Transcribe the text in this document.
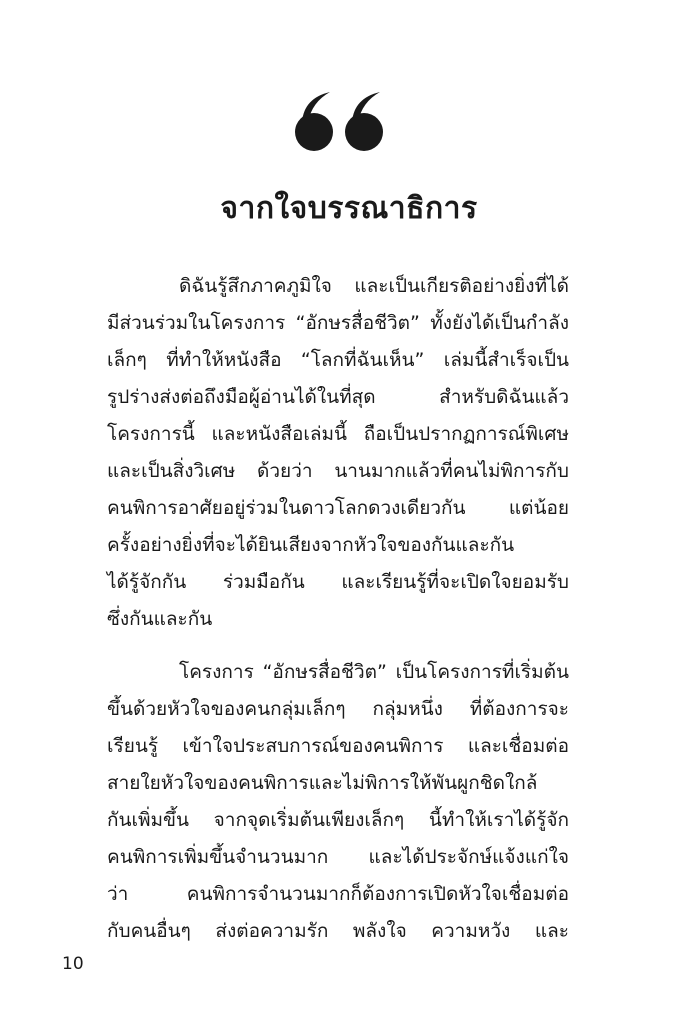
จากใจบรรณาธิการ

ดิฉันรู้สึกภาคภูมิใจ และเป็นเกียรติอย่างยิ่งที่ได้
มีส่วนร่วมในโครงการ “อักษรสื่อชีวิต” ทั้งยังได้เป็นกำลัง
เล็กๆ ที่ทำให้หนังสือ “โลกที่ฉันเห็น” เล่มนี้สำเร็จเป็น
รูปร่างส่งต่อถึงมือผู้อ่านได้ในที่สุด สำหรับดิฉันแล้ว
โครงการนี้ และหนังสือเล่มนี้ ถือเป็นปรากฏการณ์พิเศษ
และเป็นสิ่งวิเศษ ด้วยว่า นานมากแล้วที่คนไม่พิการกับ
คนพิการอาศัยอยู่ร่วมในดาวโลกดวงเดียวกัน แต่น้อย
ครั้งอย่างยิ่งที่จะได้ยินเสียงจากหัวใจของกันและกัน
ได้รู้จักกัน ร่วมมือกัน และเรียนรู้ที่จะเปิดใจยอมรับ
ซึ่งกันและกัน

โครงการ “อักษรสื่อชีวิต” เป็นโครงการที่เริ่มต้น
ขึ้นด้วยหัวใจของคนกลุ่มเล็กๆ กลุ่มหนึ่ง ที่ต้องการจะ
เรียนรู้ เข้าใจประสบการณ์ของคนพิการ และเชื่อมต่อ
สายใยหัวใจของคนพิการและไม่พิการให้พันผูกชิดใกล้
กันเพิ่มขึ้น จากจุดเริ่มต้นเพียงเล็กๆ นี้ทำให้เราได้รู้จัก
คนพิการเพิ่มขึ้นจำนวนมาก และได้ประจักษ์แจ้งแก่ใจ
ว่า คนพิการจำนวนมากก็ต้องการเปิดหัวใจเชื่อมต่อ
กับคนอื่นๆ ส่งต่อความรัก พลังใจ ความหวัง และ

10
